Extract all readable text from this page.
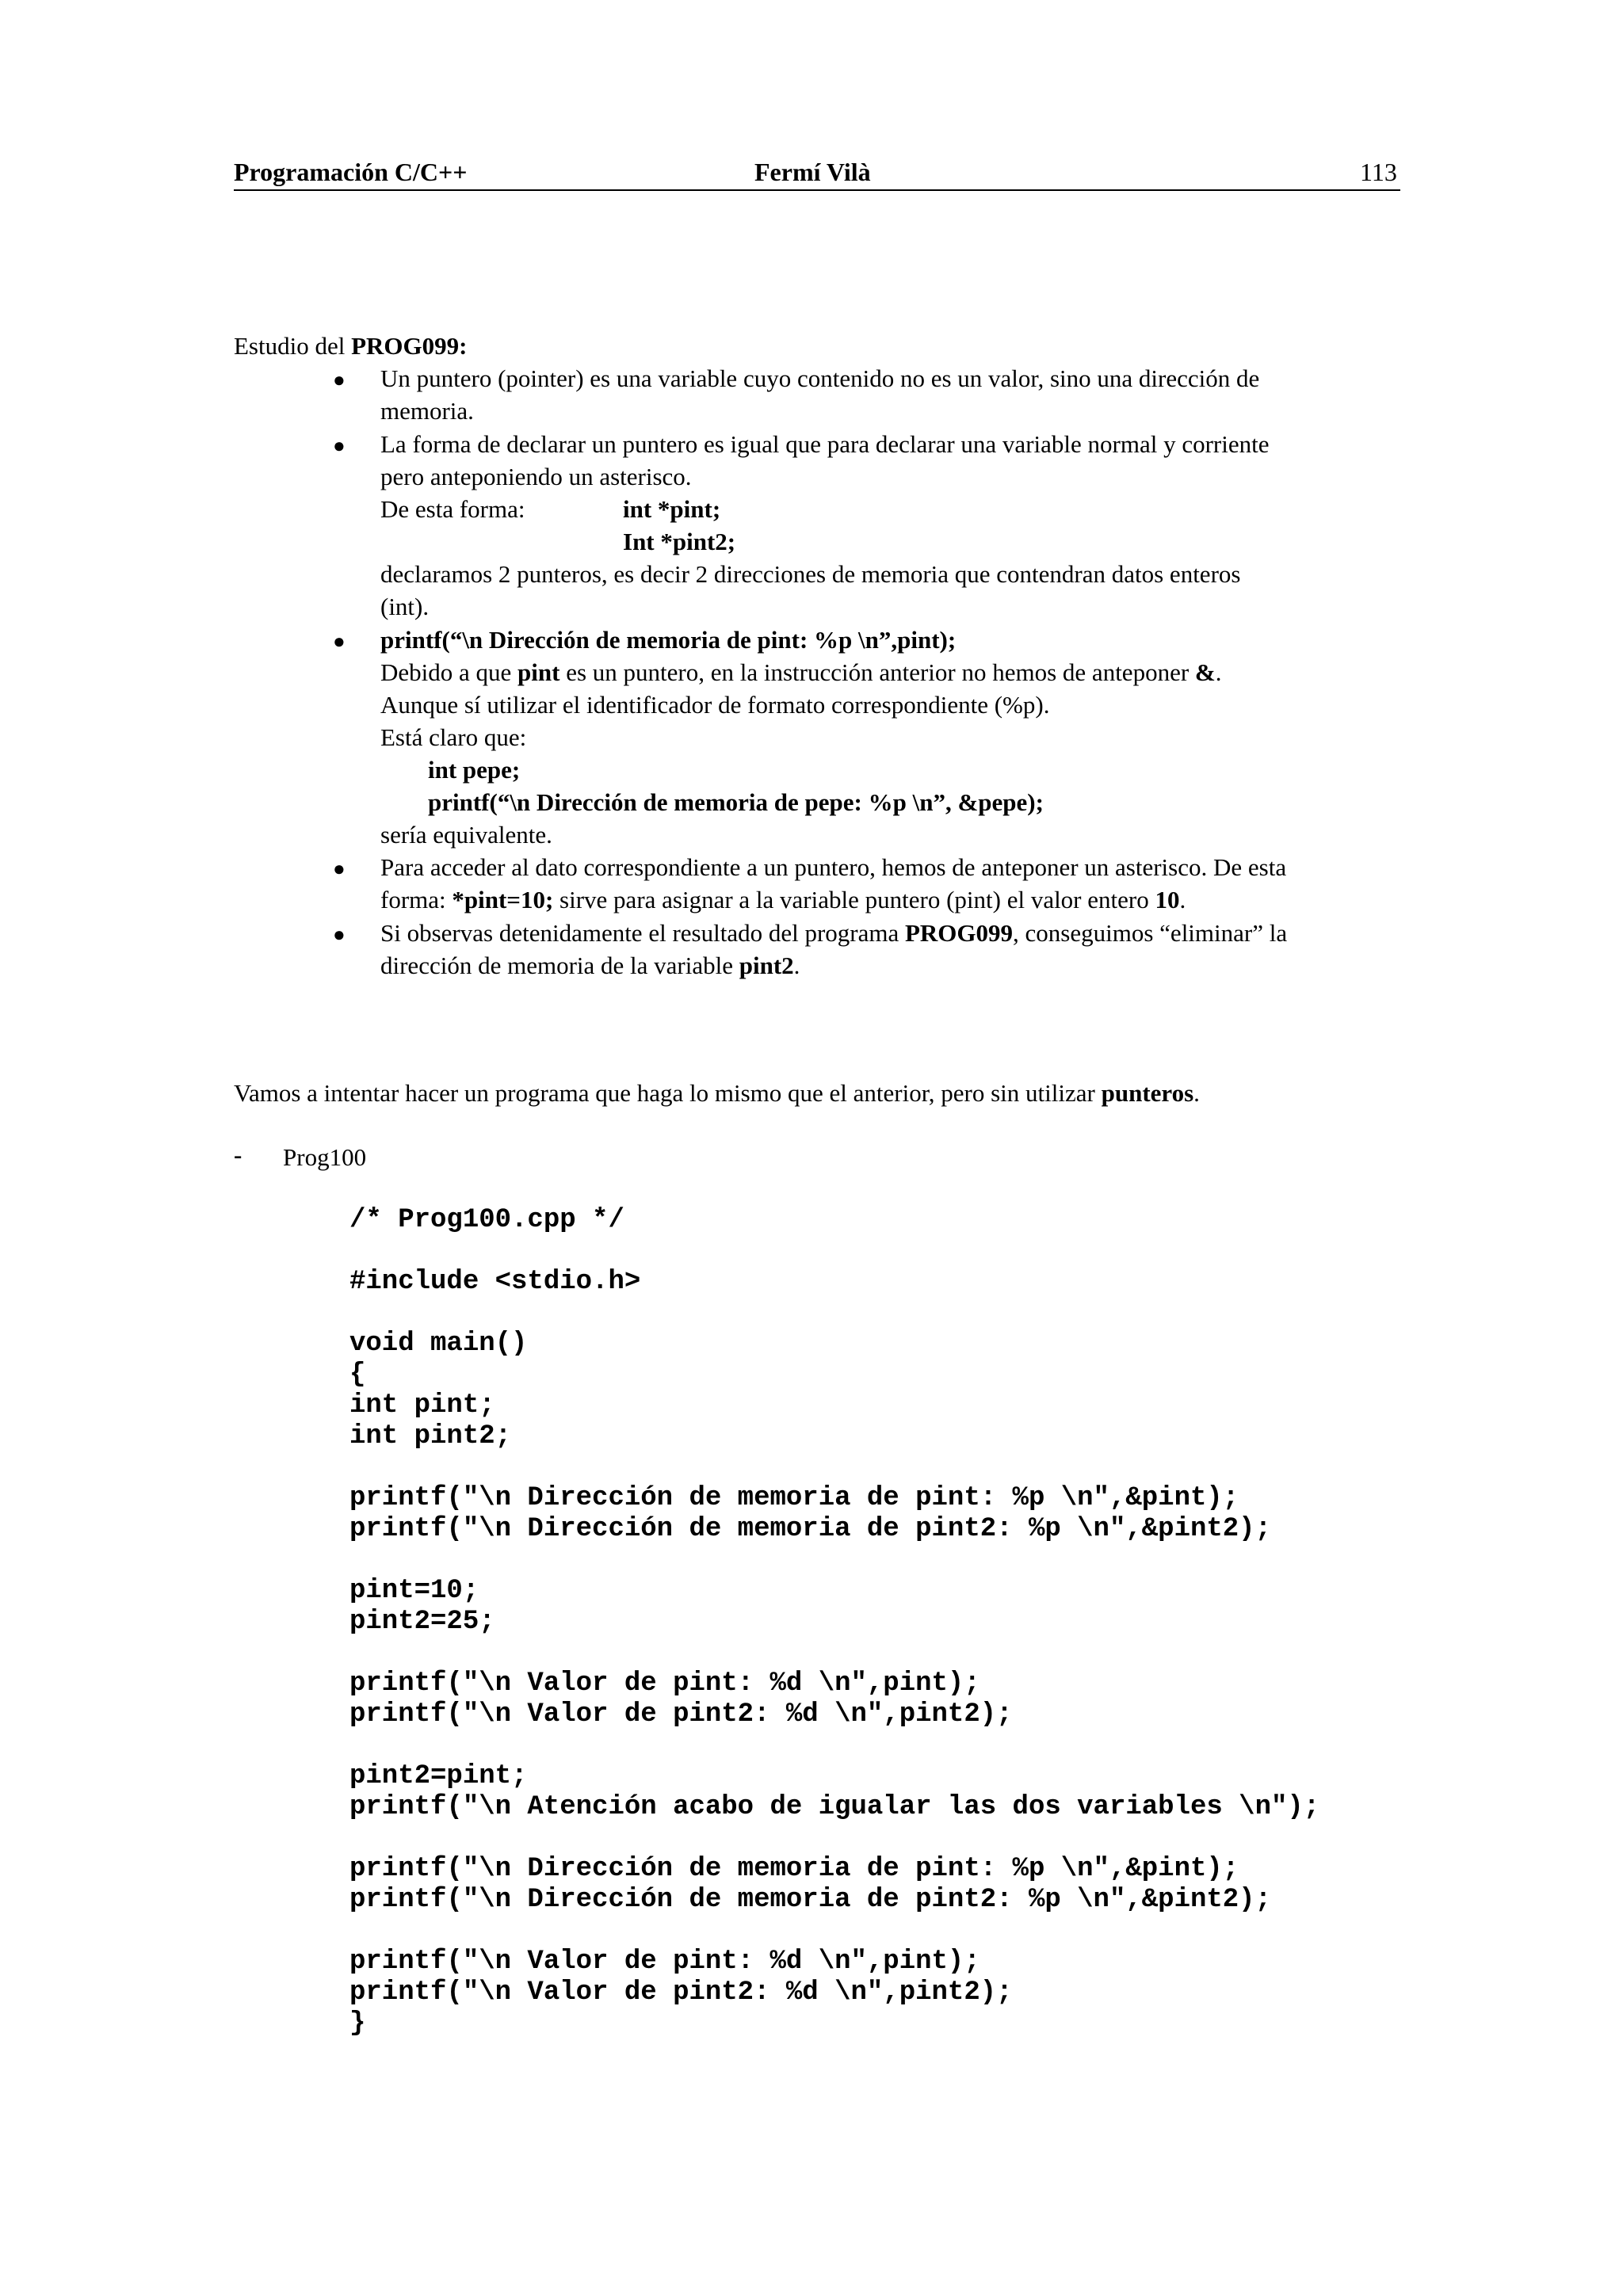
Programación C/C++	Fermí Vilà	113
Estudio del PROG099:
● Un puntero (pointer) es una variable cuyo contenido no es un valor, sino una dirección de
memoria.
● La forma de declarar un puntero es igual que para declarar una variable normal y corriente
pero anteponiendo un asterisco.
De esta forma:	int *pint;
Int *pint2;
declaramos 2 punteros, es decir 2 direcciones de memoria que contendran datos enteros
(int).
● printf(“\n Dirección de memoria de pint: %p \n”,pint);
Debido a que pint es un puntero, en la instrucción anterior no hemos de anteponer &.
Aunque sí utilizar el identificador de formato correspondiente (%p).
Está claro que:
int pepe;
printf(“\n Dirección de memoria de pepe: %p \n”, &pepe);
sería equivalente.
● Para acceder al dato correspondiente a un puntero, hemos de anteponer un asterisco. De esta
forma: *pint=10; sirve para asignar a la variable puntero (pint) el valor entero 10.
● Si observas detenidamente el resultado del programa PROG099, conseguimos “eliminar” la
dirección de memoria de la variable pint2.
Vamos a intentar hacer un programa que haga lo mismo que el anterior, pero sin utilizar punteros.
- Prog100
/* Prog100.cpp */
#include <stdio.h>
void main()
{
int pint;
int pint2;
printf("\n Dirección de memoria de pint: %p \n",&pint);
printf("\n Dirección de memoria de pint2: %p \n",&pint2);
pint=10;
pint2=25;
printf("\n Valor de pint: %d \n",pint);
printf("\n Valor de pint2: %d \n",pint2);
pint2=pint;
printf("\n Atención acabo de igualar las dos variables \n");
printf("\n Dirección de memoria de pint: %p \n",&pint);
printf("\n Dirección de memoria de pint2: %p \n",&pint2);
printf("\n Valor de pint: %d \n",pint);
printf("\n Valor de pint2: %d \n",pint2);
}
